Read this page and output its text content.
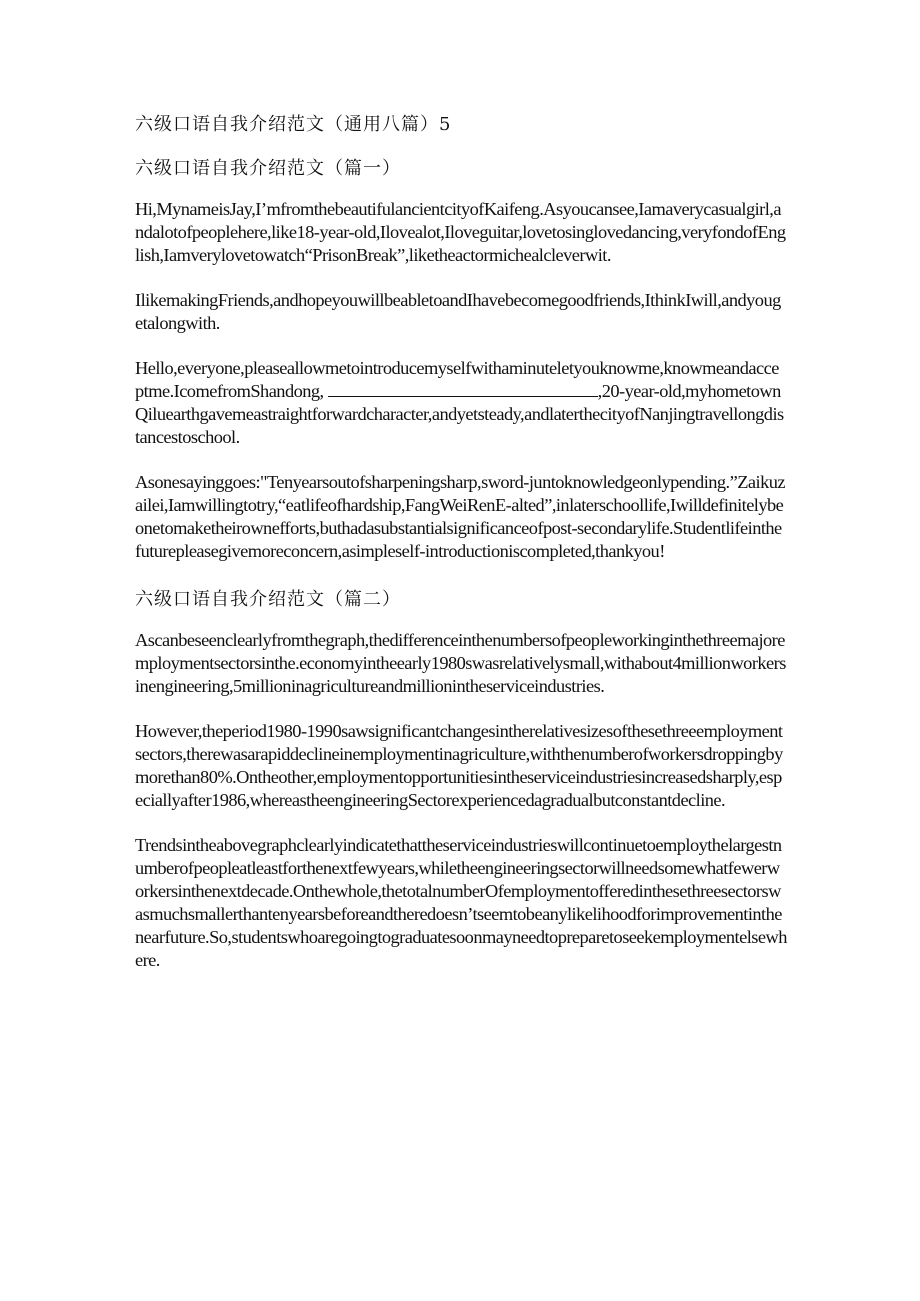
六级口语自我介绍范文（通用八篇）5
六级口语自我介绍范文（篇一）

Hi,MynameisJay,I’mfromthebeautifulancientcityofKaifeng.Asyoucansee,Iamaverycasualgirl,andalotofpeoplehere,like18-year-old,Ilovealot,Iloveguitar,lovetosinglovedancing,veryfondofEnglish,Iamverylovetowatch“PrisonBreak”,liketheactormichealcleverwit.

IlikemakingFriends,andhopeyouwillbeabletoandIhavebecomegoodfriends,IthinkIwill,andyougetalongwith.

Hello,everyone,pleaseallowmetointroducemyselfwithaminuteletyouknowme,knowmeandacceptme.IcomefromShandong,	,20-year-old,myhometownQiluearthgavemeastraightforwardcharacter,andyetsteady,andlaterthecityofNanjingtravellongdistancestoschool.

Asonesayinggoes:"Tenyearsoutofsharpeningsharp,sword-juntoknowledgeonlypending.”Zaikuzailei,Iamwillingtotry,“eatlifeofhardship,FangWeiRenE-alted”,inlaterschoollife,Iwilldefinitelybeonetomaketheirownefforts,buthadasubstantialsignificanceofpost-secondarylife.Studentlifeinthefuturepleasegivemoreconcern,asimpleself-introductioniscompleted,thankyou!

六级口语自我介绍范文（篇二）

Ascanbeseenclearlyfromthegraph,thedifferenceinthenumbersofpeopleworkinginthethreemajoremploymentsectorsinthe.economyintheearly1980swasrelativelysmall,withabout4millionworkersinengineering,5millioninagricultureandmillionintheserviceindustries.

However,theperiod1980-1990sawsignificantchangesintherelativesizesofthesethreeemploymentsectors,therewasarapiddeclineinemploymentinagriculture,withthenumberofworkersdroppingbymorethan80%.Ontheother,employmentopportunitiesintheserviceindustriesincreasedsharply,especiallyafter1986,whereastheengineeringSectorexperiencedagradualbutconstantdecline.

Trendsintheabovegraphclearlyindicatethattheserviceindustrieswillcontinuetoemploythelargestnumberofpeopleatleastforthenextfewyears,whiletheengineeringsectorwillneedsomewhatfewerworkersinthenextdecade.Onthewhole,thetotalnumberOfemploymentofferedinthesethreesectorswasmuchsmallerthantenyearsbeforeandtheredoesn’tseemtobeanylikelihoodforimprovementinthenearfuture.So,studentswhoaregoingtograduatesoonmayneedtopreparetoseekemploymentelsewhere.
